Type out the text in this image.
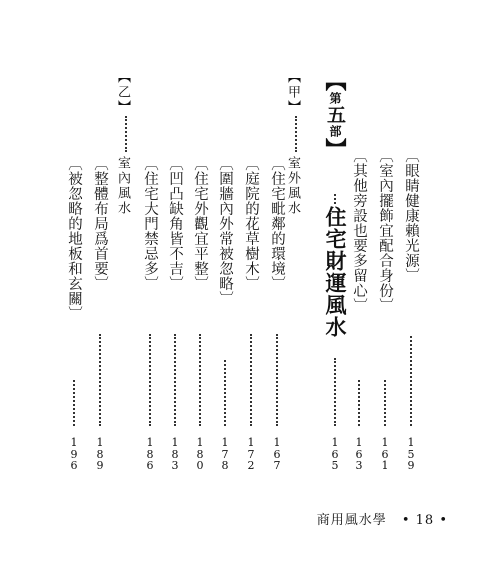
【第五部】
住宅財運風水
1
6
5
【甲】
室外風水
【乙】
室內風水	〔眼睛健康賴光源〕
1
5
9
〔室內擺飾宜配合身份〕
1
6
1
〔其他旁設也要多留心〕
1
6
3
〔住宅毗鄰的環境〕
1
6
7
〔庭院的花草樹木〕
1
7
2
〔圍牆內外常被忽略〕
1
7
8
〔住宅外觀宜平整〕
1
8
0
〔凹凸缺角皆不吉〕
1
8
3
〔住宅大門禁忌多〕
1
8
6
〔整體布局爲首要〕
1
8
9
〔被忽略的地板和玄關〕
1
9
6
商用風水學 • 18 •
